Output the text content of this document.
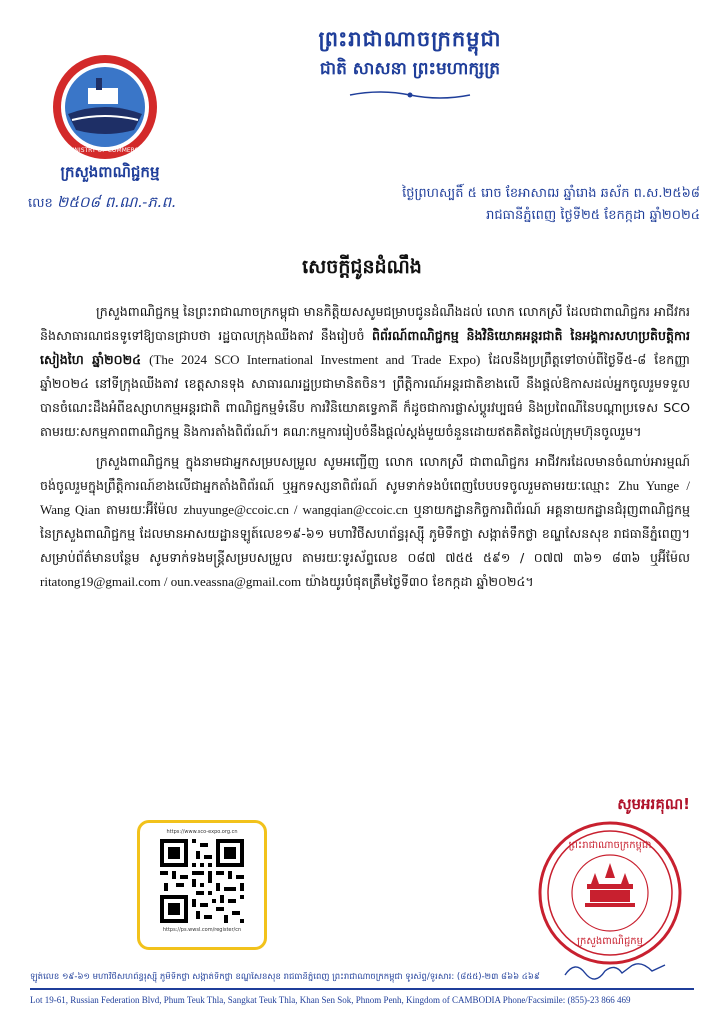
MINISTRY OF COMMERCE
ក្រសួងពាណិជ្ជកម្ម
ព្រះរាជាណាចក្រកម្ពុជា
ជាតិ សាសនា ព្រះមហាក្សត្រ
លេខ ២៥០៨ ព.ណ.-ភ.ព.	ថ្ងៃព្រហស្បតិ៍ ៥ រោច ខែអាសាឍ ឆ្នាំរោង ឆស័ក ព.ស.២៥៦៨
រាជធានីភ្នំពេញ ថ្ងៃទី២៥ ខែកក្កដា ឆ្នាំ២០២៤
សេចក្តីជូនដំណឹង

ក្រសួងពាណិជ្ជកម្ម នៃព្រះរាជាណាចក្រកម្ពុជា មានកិត្តិយសសូមជម្រាបជូនដំណឹងដល់ លោក លោកស្រី ដែលជាពាណិជ្ជករ អាជីវករ និងសាធារណជនទូទៅឱ្យបានជ្រាបថា រដ្ឋបាលក្រុងឈីងតាវ នឹងរៀបចំ ពិព័រណ៍ពាណិជ្ជកម្ម និងវិនិយោគអន្តរជាតិ នៃអង្គការសហប្រតិបត្តិការសៀងហៃ ឆ្នាំ២០២៤ (The 2024 SCO International Investment and Trade Expo) ដែលនឹងប្រព្រឹត្តទៅចាប់ពីថ្ងៃទី៥-៨ ខែកញ្ញា ឆ្នាំ២០២៤ នៅទីក្រុងឈីងតាវ ខេត្តសានទុង សាធារណរដ្ឋប្រជាមានិតចិន។ ព្រឹត្តិការណ៍អន្តរជាតិខាងលើ នឹងផ្តល់ឱកាសដល់អ្នកចូលរួមទទួលបានចំណេះដឹងអំពីឧស្សាហកម្មអន្តរជាតិ ពាណិជ្ជកម្មទំនើប ការវិនិយោគទ្វេភាគី ក៏ដូចជាការផ្លាស់ប្តូរវប្បធម៌ និងប្រពៃណីនៃបណ្តាប្រទេស SCO តាមរយៈសកម្មភាពពាណិជ្ជកម្ម និងការតាំងពិព័រណ៍។ គណៈកម្មការរៀបចំនឹងផ្តល់ស្តង់មួយចំនួនដោយឥតគិតថ្លៃដល់ក្រុមហ៊ុនចូលរួម។

ក្រសួងពាណិជ្ជកម្ម ក្នុងនាមជាអ្នកសម្របសម្រួល សូមអញ្ជើញ លោក លោកស្រី ជាពាណិជ្ជករ អាជីវករដែលមានចំណាប់អារម្មណ៍ចង់ចូលរួមក្នុងព្រឹត្តិការណ៍ខាងលើជាអ្នកតាំងពិព័រណ៍ ឬអ្នកទស្សនាពិព័រណ៍ សូមទាក់ទងបំពេញបែបបទចូលរួមតាមរយៈឈ្មោះ Zhu Yunge / Wang Qian តាមរយៈអ៊ីម៉ែល zhuyunge@ccoic.cn / wangqian@ccoic.cn ឬនាយកដ្ឋានកិច្ចការពិព័រណ៍ អគ្គនាយកដ្ឋានជំរុញពាណិជ្ជកម្ម នៃក្រសួងពាណិជ្ជកម្ម ដែលមានអាសយដ្ឋានឡូត៍លេខ១៩-៦១ មហាវិថីសហព័ន្ធរុស្ស៊ី ភូមិទឹកថ្លា សង្កាត់ទឹកថ្លា ខណ្ឌសែនសុខ រាជធានីភ្នំពេញ។ សម្រាប់ព័ត៌មានបន្ថែម សូមទាក់ទងមន្ត្រីសម្របសម្រួល តាមរយៈទូរស័ព្ទលេខ ០៨៧ ៧៥៥ ៥៩១ / ០៧៧ ៣៦១ ៨៣៦ ឬអ៊ីម៉ែល ritatong19@gmail.com / oun.veassna@gmail.com យ៉ាងយូរបំផុតត្រឹមថ្ងៃទី៣០ ខែកក្កដា ឆ្នាំ២០២៤។

សូមអរគុណ!
https://www.sco-expo.org.cn
https://ps.wwsl.com/register/cn
ព្រះរាជាណាចក្រកម្ពុជា
ក្រសួងពាណិជ្ជកម្ម
ឡូត៍លេខ ១៩-៦១ មហាវិថីសហព័ន្ធរុស្ស៊ី ភូមិទឹកថ្លា សង្កាត់ទឹកថ្លា ខណ្ឌសែនសុខ រាជធានីភ្នំពេញ ព្រះរាជាណាចក្រកម្ពុជា ទូរស័ព្ទ/ទូរសារ: (៨៥៥)-២៣ ៨៦៦ ៤៦៩
Lot 19-61, Russian Federation Blvd, Phum Teuk Thla, Sangkat Teuk Thla, Khan Sen Sok, Phnom Penh, Kingdom of CAMBODIA Phone/Facsimile: (855)-23 866 469
